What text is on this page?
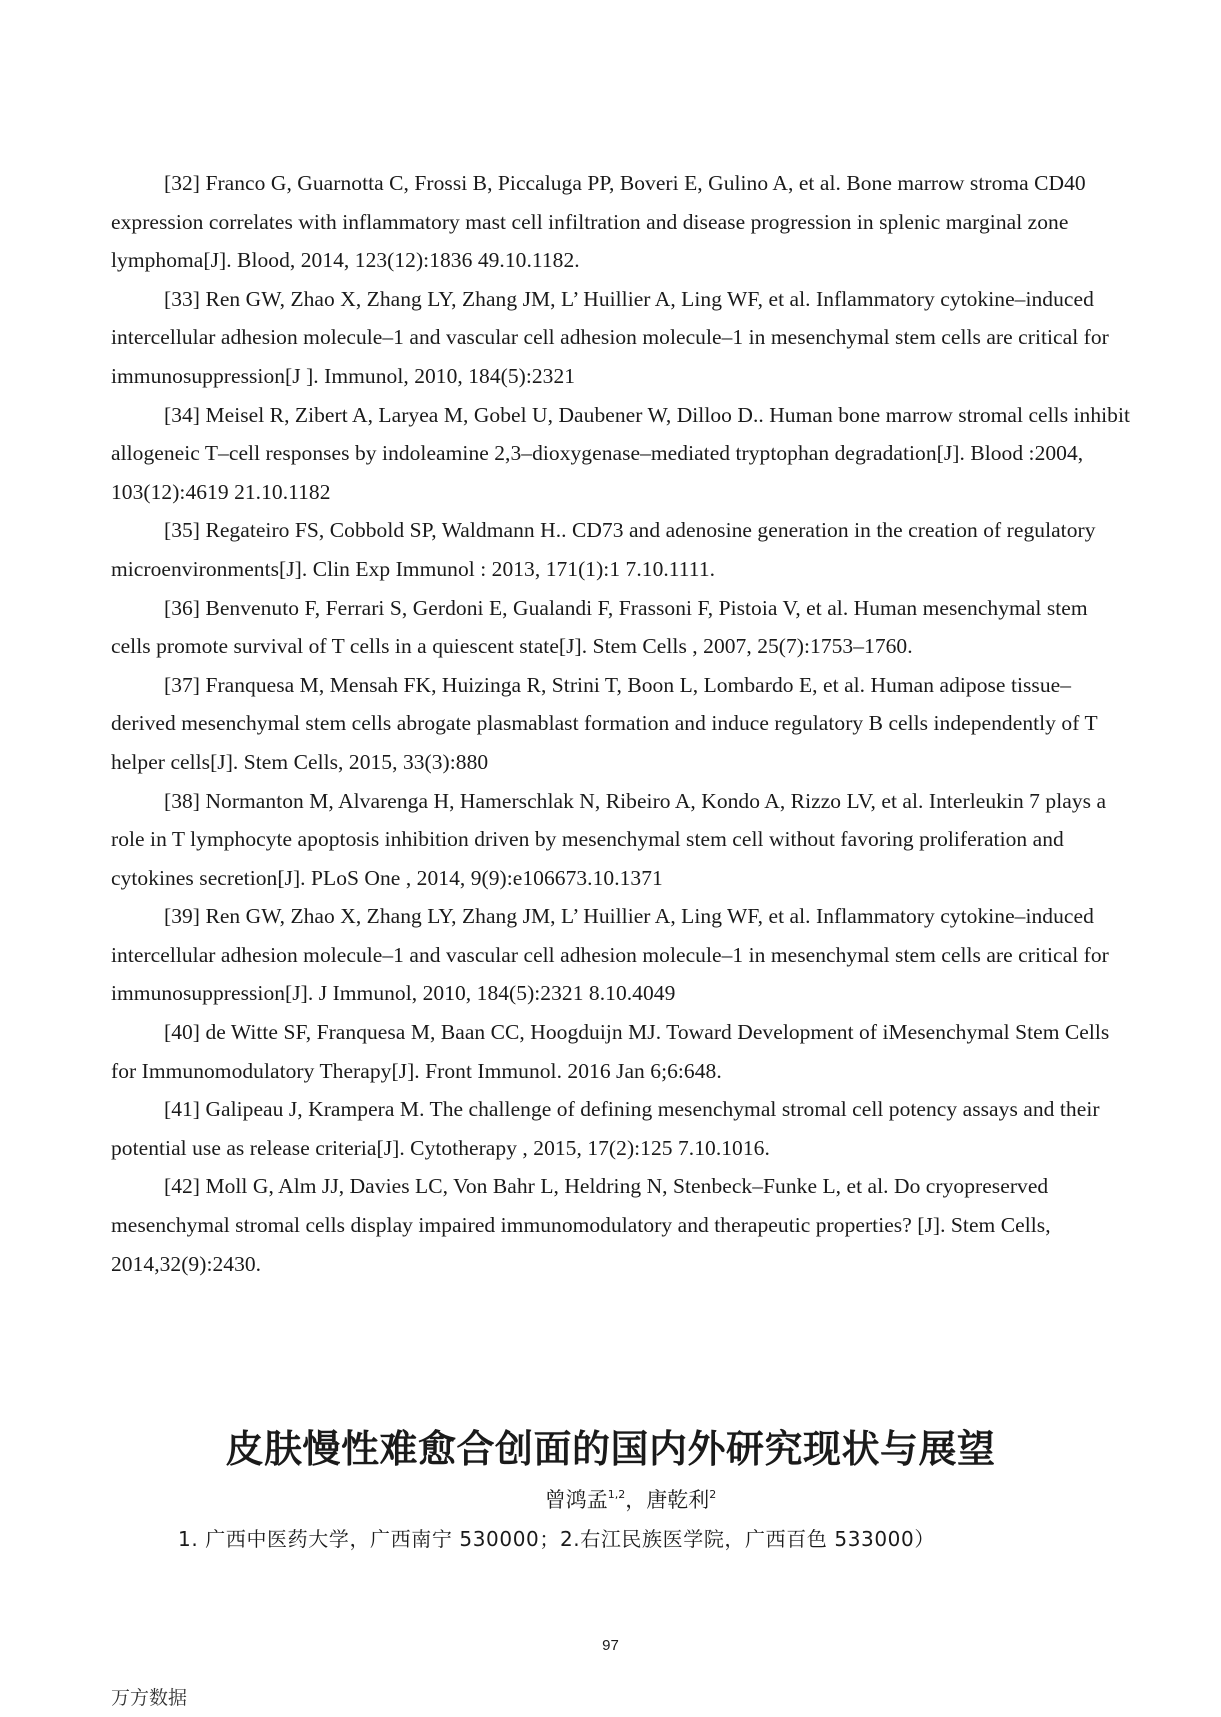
[32] Franco G, Guarnotta C, Frossi B, Piccaluga PP, Boveri E, Gulino A, et al. Bone marrow stroma CD40 expression correlates with inflammatory mast cell infiltration and disease progression in splenic marginal zone lymphoma[J]. Blood, 2014, 123(12):1836 49.10.1182.

[33] Ren GW, Zhao X, Zhang LY, Zhang JM, L’ Huillier A, Ling WF, et al. Inflammatory cytokine–induced intercellular adhesion molecule–1 and vascular cell adhesion molecule–1 in mesenchymal stem cells are critical for immunosuppression[J ]. Immunol, 2010, 184(5):2321

[34] Meisel R, Zibert A, Laryea M, Gobel U, Daubener W, Dilloo D.. Human bone marrow stromal cells inhibit allogeneic T–cell responses by indoleamine 2,3–dioxygenase–mediated tryptophan degradation[J]. Blood :2004, 103(12):4619 21.10.1182

[35] Regateiro FS, Cobbold SP, Waldmann H.. CD73 and adenosine generation in the creation of regulatory microenvironments[J]. Clin Exp Immunol : 2013, 171(1):1 7.10.1111.

[36] Benvenuto F, Ferrari S, Gerdoni E, Gualandi F, Frassoni F, Pistoia V, et al. Human mesenchymal stem cells promote survival of T cells in a quiescent state[J]. Stem Cells , 2007, 25(7):1753–1760.

[37] Franquesa M, Mensah FK, Huizinga R, Strini T, Boon L, Lombardo E, et al. Human adipose tissue–derived mesenchymal stem cells abrogate plasmablast formation and induce regulatory B cells independently of T helper cells[J]. Stem Cells, 2015, 33(3):880

[38] Normanton M, Alvarenga H, Hamerschlak N, Ribeiro A, Kondo A, Rizzo LV, et al. Interleukin 7 plays a role in T lymphocyte apoptosis inhibition driven by mesenchymal stem cell without favoring proliferation and cytokines secretion[J]. PLoS One , 2014, 9(9):e106673.10.1371

[39] Ren GW, Zhao X, Zhang LY, Zhang JM, L’ Huillier A, Ling WF, et al. Inflammatory cytokine–induced intercellular adhesion molecule–1 and vascular cell adhesion molecule–1 in mesenchymal stem cells are critical for immunosuppression[J]. J Immunol, 2010, 184(5):2321 8.10.4049

[40] de Witte SF, Franquesa M, Baan CC, Hoogduijn MJ. Toward Development of iMesenchymal Stem Cells for Immunomodulatory Therapy[J]. Front Immunol. 2016 Jan 6;6:648.

[41] Galipeau J, Krampera M. The challenge of defining mesenchymal stromal cell potency assays and their potential use as release criteria[J]. Cytotherapy , 2015, 17(2):125 7.10.1016.

[42] Moll G, Alm JJ, Davies LC, Von Bahr L, Heldring N, Stenbeck–Funke L, et al. Do cryopreserved mesenchymal stromal cells display impaired immunomodulatory and therapeutic properties? [J]. Stem Cells, 2014,32(9):2430.

皮肤慢性难愈合创面的国内外研究现状与展望

曾鸿孟$^{1,2}$，唐乾利$^2$

1. 广西中医药大学，广西南宁 530000；2.右江民族医学院，广西百色 533000）

97

万方数据
